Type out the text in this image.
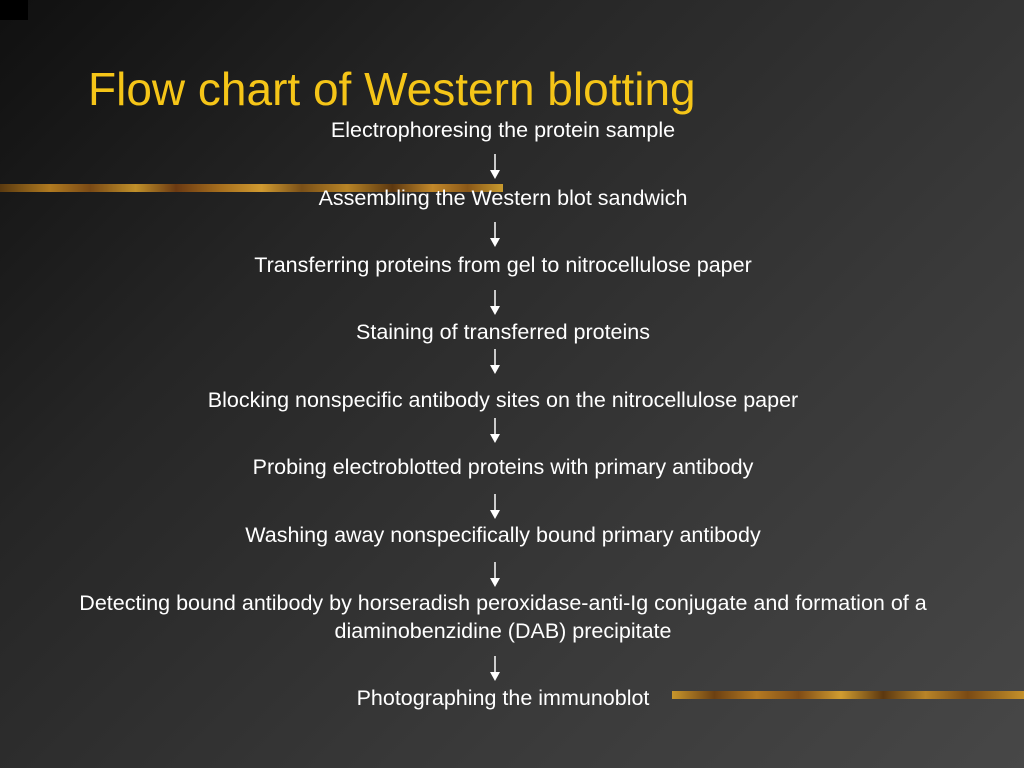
Flow chart of Western blotting
Electrophoresing the protein sample
Assembling the Western blot sandwich
Transferring proteins from gel to nitrocellulose paper
Staining of transferred proteins
Blocking nonspecific antibody sites on the nitrocellulose paper
Probing electroblotted proteins with primary antibody
Washing away nonspecifically bound primary antibody
Detecting bound antibody by horseradish peroxidase-anti-Ig conjugate and formation of a diaminobenzidine (DAB) precipitate
Photographing the immunoblot
